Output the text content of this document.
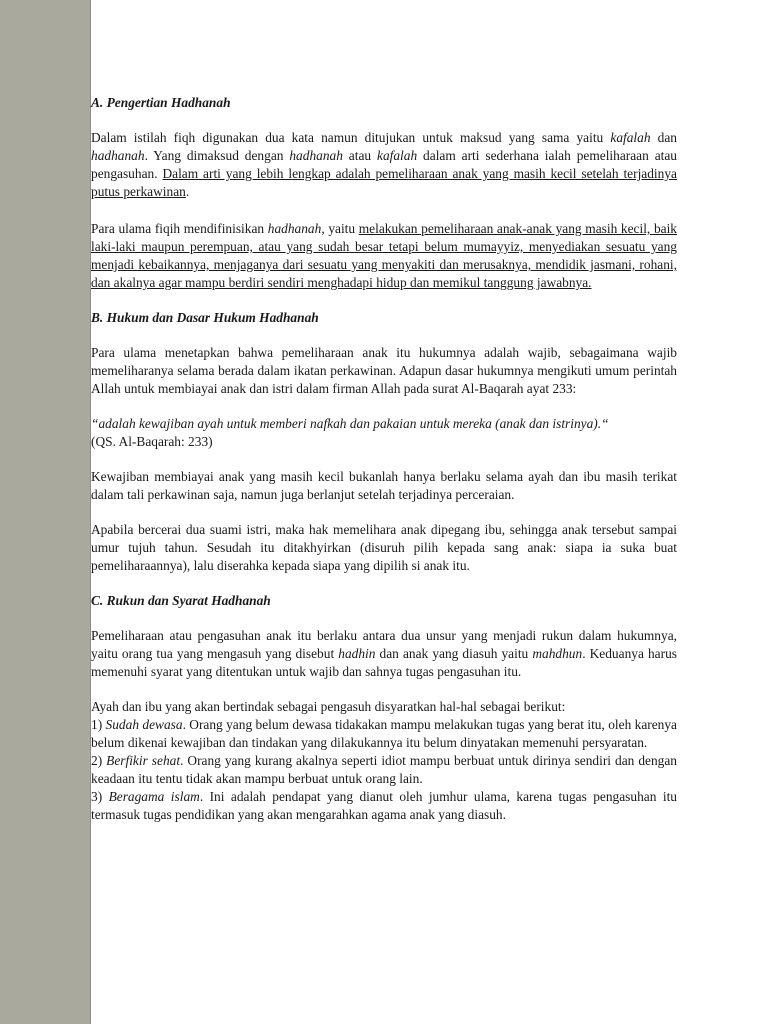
A. Pengertian Hadhanah

Dalam istilah fiqh digunakan dua kata namun ditujukan untuk maksud yang sama yaitu kafalah dan hadhanah. Yang dimaksud dengan hadhanah atau kafalah dalam arti sederhana ialah pemeliharaan atau pengasuhan. Dalam arti yang lebih lengkap adalah pemeliharaan anak yang masih kecil setelah terjadinya putus perkawinan.

Para ulama fiqih mendifinisikan hadhanah, yaitu melakukan pemeliharaan anak-anak yang masih kecil, baik laki-laki maupun perempuan, atau yang sudah besar tetapi belum mumayyiz, menyediakan sesuatu yang menjadi kebaikannya, menjaganya dari sesuatu yang menyakiti dan merusaknya, mendidik jasmani, rohani, dan akalnya agar mampu berdiri sendiri menghadapi hidup dan memikul tanggung jawabnya.

B. Hukum dan Dasar Hukum Hadhanah

Para ulama menetapkan bahwa pemeliharaan anak itu hukumnya adalah wajib, sebagaimana wajib memeliharanya selama berada dalam ikatan perkawinan. Adapun dasar hukumnya mengikuti umum perintah Allah untuk membiayai anak dan istri dalam firman Allah pada surat Al-Baqarah ayat 233:

“adalah kewajiban ayah untuk memberi nafkah dan pakaian untuk mereka (anak dan istrinya).“
(QS. Al-Baqarah: 233)

Kewajiban membiayai anak yang masih kecil bukanlah hanya berlaku selama ayah dan ibu masih terikat dalam tali perkawinan saja, namun juga berlanjut setelah terjadinya perceraian.

Apabila bercerai dua suami istri, maka hak memelihara anak dipegang ibu, sehingga anak tersebut sampai umur tujuh tahun. Sesudah itu ditakhyirkan (disuruh pilih kepada sang anak: siapa ia suka buat pemeliharaannya), lalu diserahka kepada siapa yang dipilih si anak itu.

C. Rukun dan Syarat Hadhanah

Pemeliharaan atau pengasuhan anak itu berlaku antara dua unsur yang menjadi rukun dalam hukumnya, yaitu orang tua yang mengasuh yang disebut hadhin dan anak yang diasuh yaitu mahdhun. Keduanya harus memenuhi syarat yang ditentukan untuk wajib dan sahnya tugas pengasuhan itu.

Ayah dan ibu yang akan bertindak sebagai pengasuh disyaratkan hal-hal sebagai berikut:

1) Sudah dewasa. Orang yang belum dewasa tidakakan mampu melakukan tugas yang berat itu, oleh karenya belum dikenai kewajiban dan tindakan yang dilakukannya itu belum dinyatakan memenuhi persyaratan.
2) Berfikir sehat. Orang yang kurang akalnya seperti idiot mampu berbuat untuk dirinya sendiri dan dengan keadaan itu tentu tidak akan mampu berbuat untuk orang lain.
3) Beragama islam. Ini adalah pendapat yang dianut oleh jumhur ulama, karena tugas pengasuhan itu termasuk tugas pendidikan yang akan mengarahkan agama anak yang diasuh.
